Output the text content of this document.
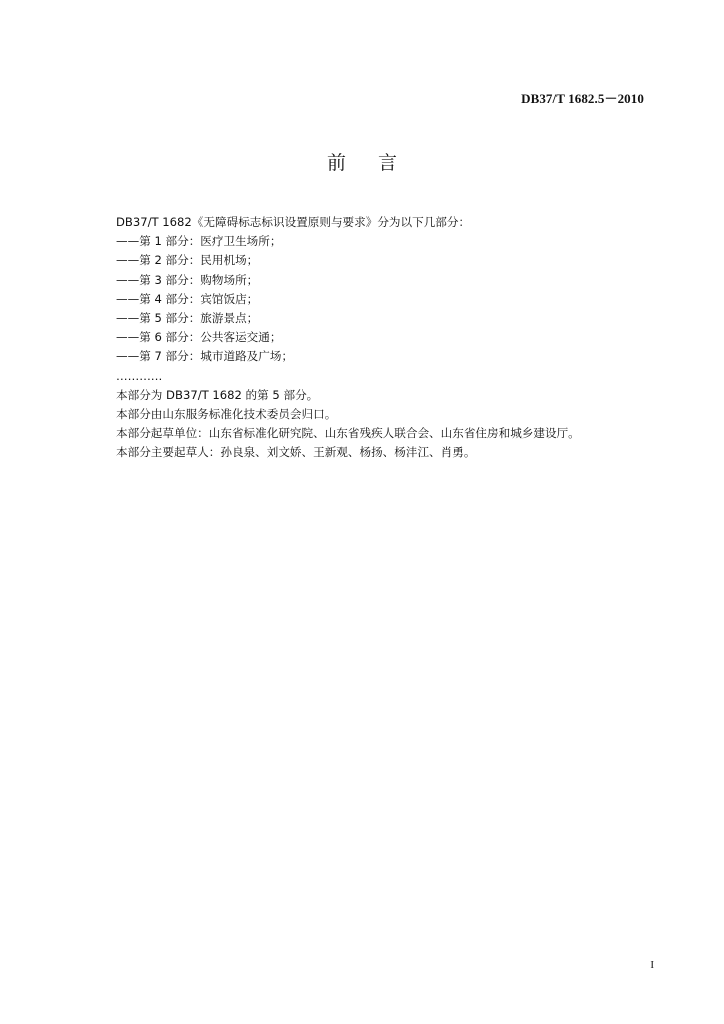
DB37/T 1682.5－2010
前言
DB37/T 1682《无障碍标志标识设置原则与要求》分为以下几部分：
——第 1 部分：医疗卫生场所；
——第 2 部分：民用机场；
——第 3 部分：购物场所；
——第 4 部分：宾馆饭店；
——第 5 部分：旅游景点；
——第 6 部分：公共客运交通；
——第 7 部分：城市道路及广场；
…………
本部分为 DB37/T 1682 的第 5 部分。
本部分由山东服务标准化技术委员会归口。
本部分起草单位：山东省标准化研究院、山东省残疾人联合会、山东省住房和城乡建设厅。
本部分主要起草人：孙良泉、刘文娇、王新观、杨扬、杨沣江、肖勇。
I
